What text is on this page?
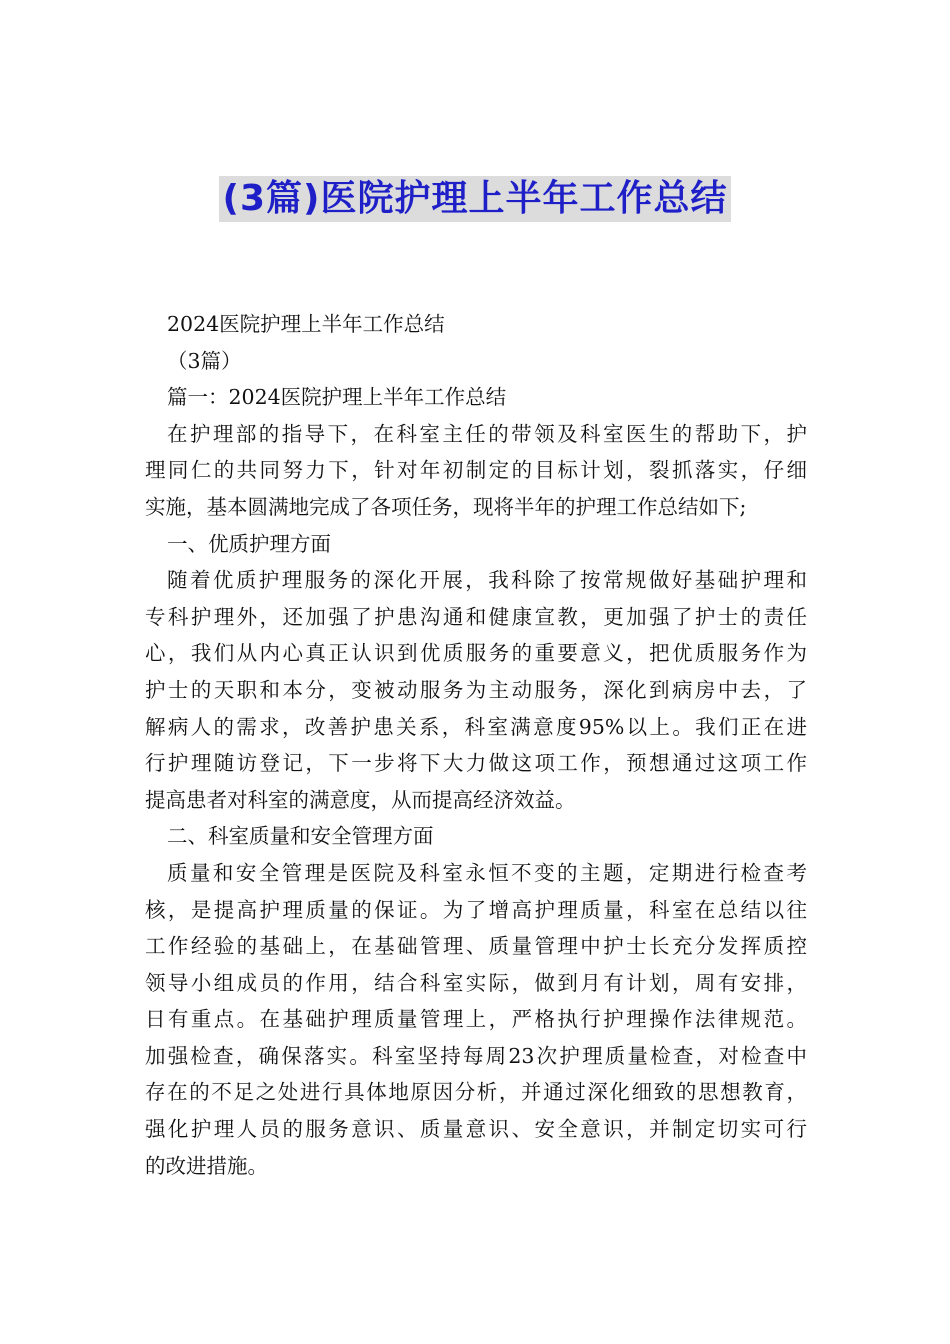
(3篇)医院护理上半年工作总结
2024医院护理上半年工作总结
（3篇）
篇一：2024医院护理上半年工作总结
在护理部的指导下，在科室主任的带领及科室医生的帮助下，护
理同仁的共同努力下，针对年初制定的目标计划，裂抓落实，仔细
实施，基本圆满地完成了各项任务，现将半年的护理工作总结如下;
一、优质护理方面
随着优质护理服务的深化开展，我科除了按常规做好基础护理和
专科护理外，还加强了护患沟通和健康宣教，更加强了护士的责任
心，我们从内心真正认识到优质服务的重要意义，把优质服务作为
护士的天职和本分，变被动服务为主动服务，深化到病房中去，了
解病人的需求，改善护患关系，科室满意度95%以上。我们正在进
行护理随访登记，下一步将下大力做这项工作，预想通过这项工作
提高患者对科室的满意度，从而提高经济效益。
二、科室质量和安全管理方面
质量和安全管理是医院及科室永恒不变的主题，定期进行检查考
核，是提高护理质量的保证。为了增高护理质量，科室在总结以往
工作经验的基础上，在基础管理、质量管理中护士长充分发挥质控
领导小组成员的作用，结合科室实际，做到月有计划，周有安排，
日有重点。在基础护理质量管理上，严格执行护理操作法律规范。
加强检查，确保落实。科室坚持每周23次护理质量检查，对检查中
存在的不足之处进行具体地原因分析，并通过深化细致的思想教育，
强化护理人员的服务意识、质量意识、安全意识，并制定切实可行
的改进措施。
